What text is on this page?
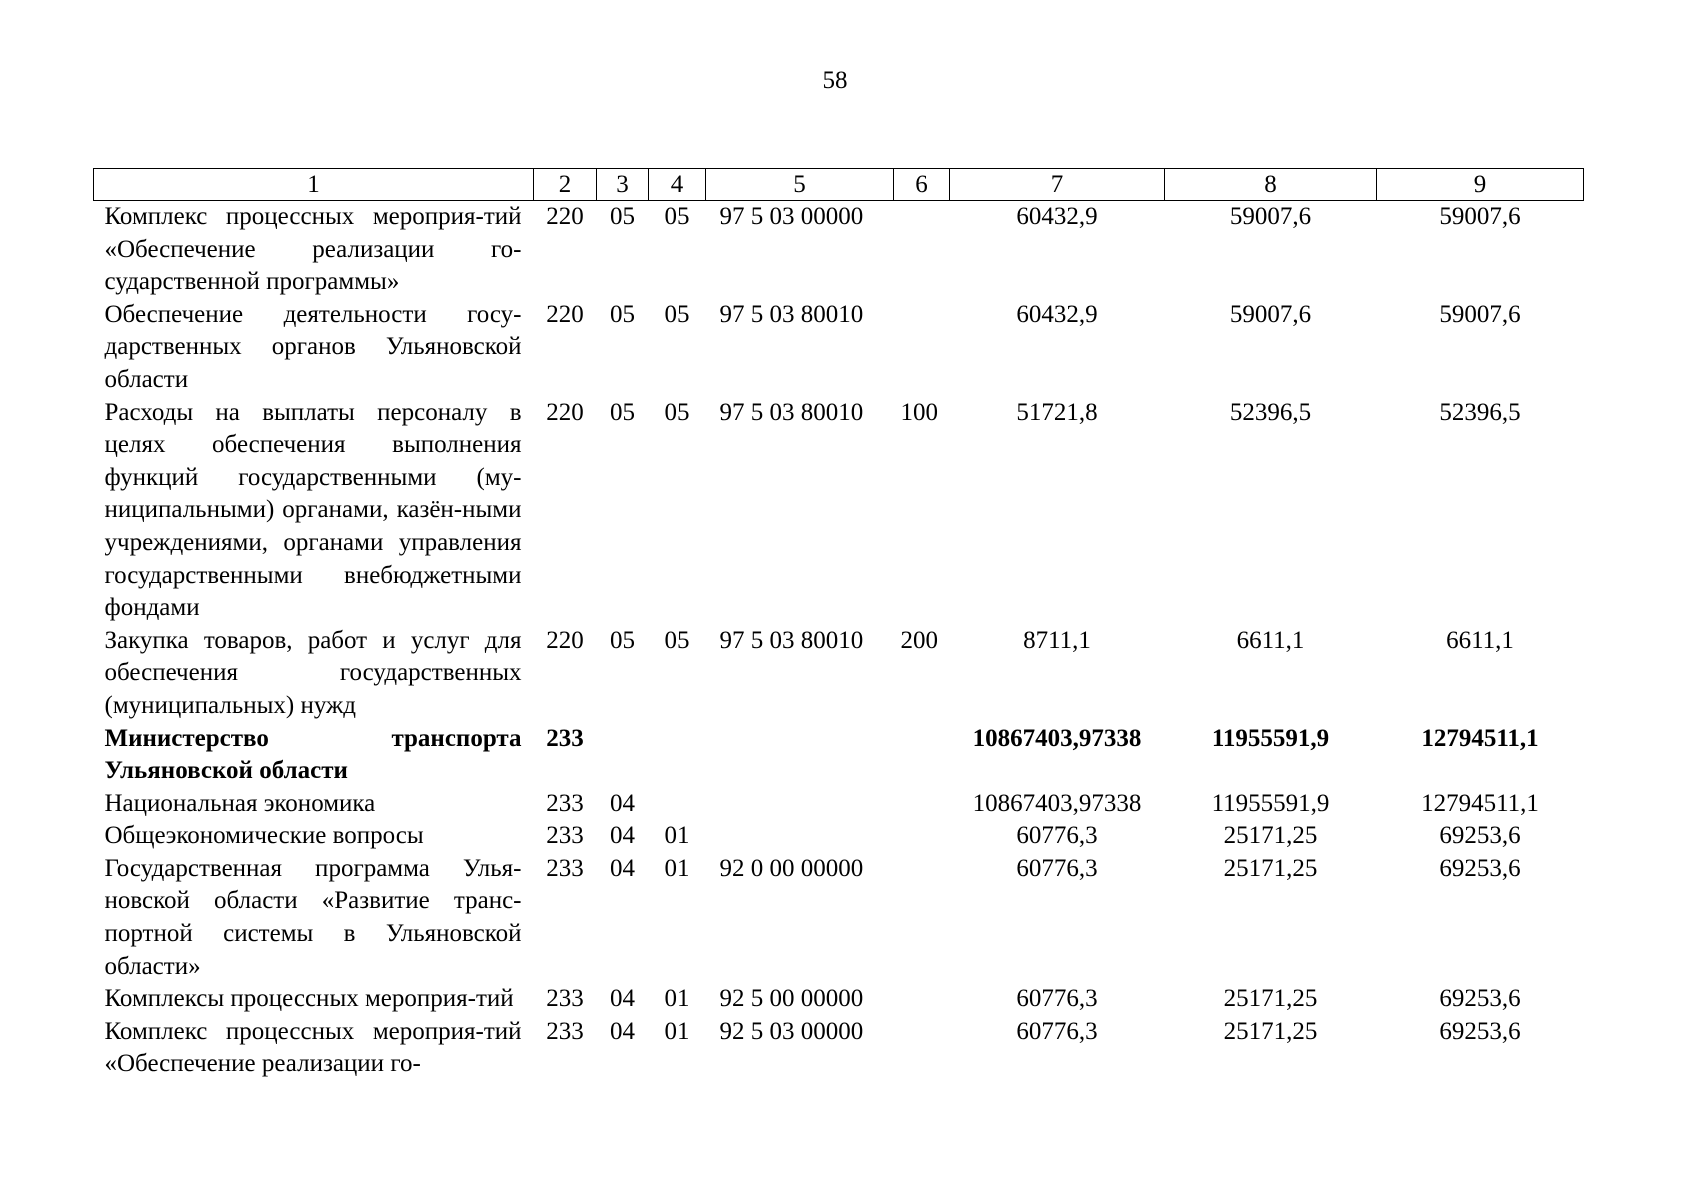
58
1	2	3	4	5	6	7	8	9
Комплекс процессных мероприя-тий «Обеспечение реализации го-сударственной программы»	220	05	05	97 5 03 00000		60432,9	59007,6	59007,6
Обеспечение деятельности госу-дарственных органов Ульяновской области	220	05	05	97 5 03 80010		60432,9	59007,6	59007,6
Расходы на выплаты персоналу в целях обеспечения выполнения функций государственными (му-ниципальными) органами, казён-ными учреждениями, органами управления государственными внебюджетными фондами	220	05	05	97 5 03 80010	100	51721,8	52396,5	52396,5
Закупка товаров, работ и услуг для обеспечения государственных (муниципальных) нужд	220	05	05	97 5 03 80010	200	8711,1	6611,1	6611,1
Министерство транспорта Ульяновской области	233					10867403,97338	11955591,9	12794511,1
Национальная экономика	233	04				10867403,97338	11955591,9	12794511,1
Общеэкономические вопросы	233	04	01			60776,3	25171,25	69253,6
Государственная программа Улья-новской области «Развитие транс-портной системы в Ульяновской области»	233	04	01	92 0 00 00000		60776,3	25171,25	69253,6
Комплексы процессных мероприя-тий	233	04	01	92 5 00 00000		60776,3	25171,25	69253,6
Комплекс процессных мероприя-тий «Обеспечение реализации го-	233	04	01	92 5 03 00000		60776,3	25171,25	69253,6
